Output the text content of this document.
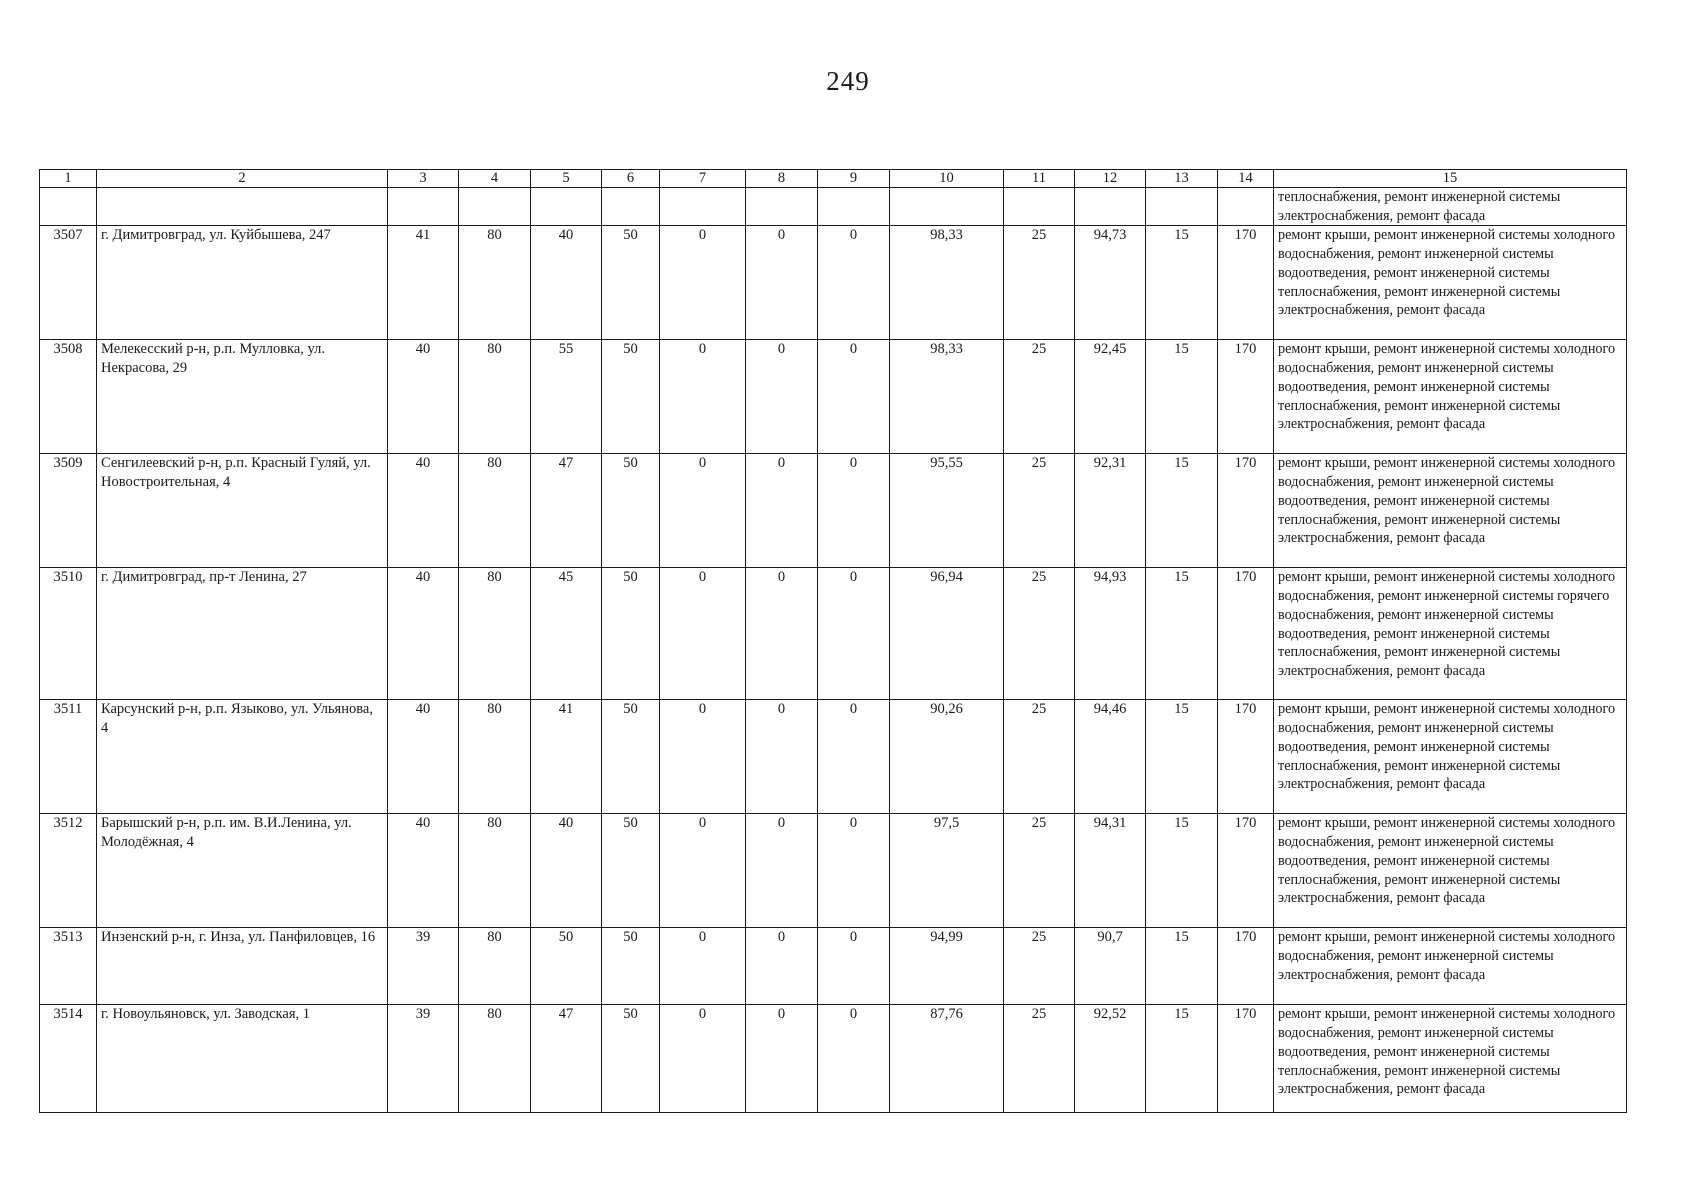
249
1	2	3	4	5	6	7	8	9	10	11	12	13	14	15
														теплоснабжения, ремонт инженерной системы электроснабжения, ремонт фасада
3507	г. Димитровград, ул. Куйбышева, 247	41	80	40	50	0	0	0	98,33	25	94,73	15	170	ремонт крыши, ремонт инженерной системы холодного водоснабжения, ремонт инженерной системы водоотведения, ремонт инженерной системы теплоснабжения, ремонт инженерной системы электроснабжения, ремонт фасада
3508	Мелекесский р-н, р.п. Мулловка, ул. Некрасова, 29	40	80	55	50	0	0	0	98,33	25	92,45	15	170	ремонт крыши, ремонт инженерной системы холодного водоснабжения, ремонт инженерной системы водоотведения, ремонт инженерной системы теплоснабжения, ремонт инженерной системы электроснабжения, ремонт фасада
3509	Сенгилеевский р-н, р.п. Красный Гуляй, ул. Новостроительная, 4	40	80	47	50	0	0	0	95,55	25	92,31	15	170	ремонт крыши, ремонт инженерной системы холодного водоснабжения, ремонт инженерной системы водоотведения, ремонт инженерной системы теплоснабжения, ремонт инженерной системы электроснабжения, ремонт фасада
3510	г. Димитровград, пр-т Ленина, 27	40	80	45	50	0	0	0	96,94	25	94,93	15	170	ремонт крыши, ремонт инженерной системы холодного водоснабжения, ремонт инженерной системы горячего водоснабжения, ремонт инженерной системы водоотведения, ремонт инженерной системы теплоснабжения, ремонт инженерной системы электроснабжения, ремонт фасада
3511	Карсунский р-н, р.п. Языково, ул. Ульянова, 4	40	80	41	50	0	0	0	90,26	25	94,46	15	170	ремонт крыши, ремонт инженерной системы холодного водоснабжения, ремонт инженерной системы водоотведения, ремонт инженерной системы теплоснабжения, ремонт инженерной системы электроснабжения, ремонт фасада
3512	Барышский р-н, р.п. им. В.И.Ленина, ул. Молодёжная, 4	40	80	40	50	0	0	0	97,5	25	94,31	15	170	ремонт крыши, ремонт инженерной системы холодного водоснабжения, ремонт инженерной системы водоотведения, ремонт инженерной системы теплоснабжения, ремонт инженерной системы электроснабжения, ремонт фасада
3513	Инзенский р-н, г. Инза, ул. Панфиловцев, 16	39	80	50	50	0	0	0	94,99	25	90,7	15	170	ремонт крыши, ремонт инженерной системы холодного водоснабжения, ремонт инженерной системы электроснабжения, ремонт фасада
3514	г. Новоульяновск, ул. Заводская, 1	39	80	47	50	0	0	0	87,76	25	92,52	15	170	ремонт крыши, ремонт инженерной системы холодного водоснабжения, ремонт инженерной системы водоотведения, ремонт инженерной системы теплоснабжения, ремонт инженерной системы электроснабжения, ремонт фасада
